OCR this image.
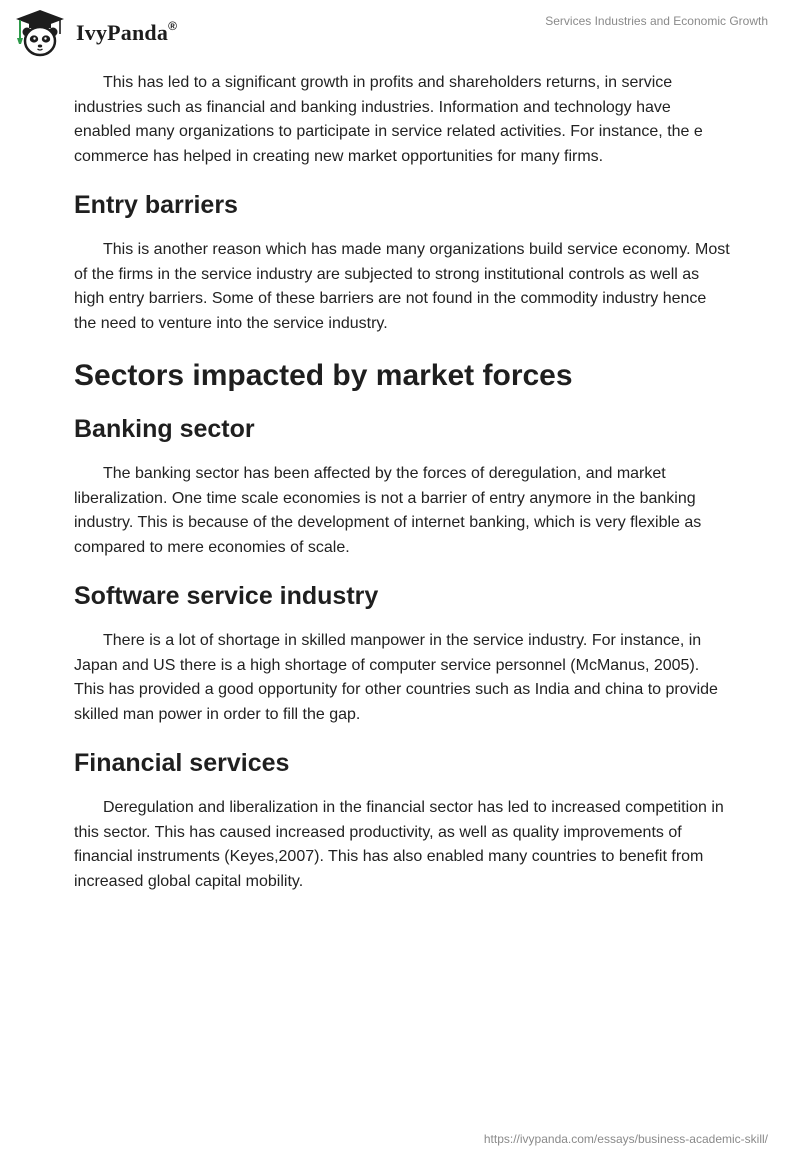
IvyPanda®	Services Industries and Economic Growth

This has led to a significant growth in profits and shareholders returns, in service industries such as financial and banking industries. Information and technology have enabled many organizations to participate in service related activities. For instance, the e commerce has helped in creating new market opportunities for many firms.

Entry barriers

This is another reason which has made many organizations build service economy. Most of the firms in the service industry are subjected to strong institutional controls as well as high entry barriers. Some of these barriers are not found in the commodity industry hence the need to venture into the service industry.

Sectors impacted by market forces
Banking sector

The banking sector has been affected by the forces of deregulation, and market liberalization. One time scale economies is not a barrier of entry anymore in the banking industry. This is because of the development of internet banking, which is very flexible as compared to mere economies of scale.

Software service industry

There is a lot of shortage in skilled manpower in the service industry. For instance, in Japan and US there is a high shortage of computer service personnel (McManus, 2005). This has provided a good opportunity for other countries such as India and china to provide skilled man power in order to fill the gap.

Financial services

Deregulation and liberalization in the financial sector has led to increased competition in this sector. This has caused increased productivity, as well as quality improvements of financial instruments (Keyes,2007). This has also enabled many countries to benefit from increased global capital mobility.

https://ivypanda.com/essays/business-academic-skill/
